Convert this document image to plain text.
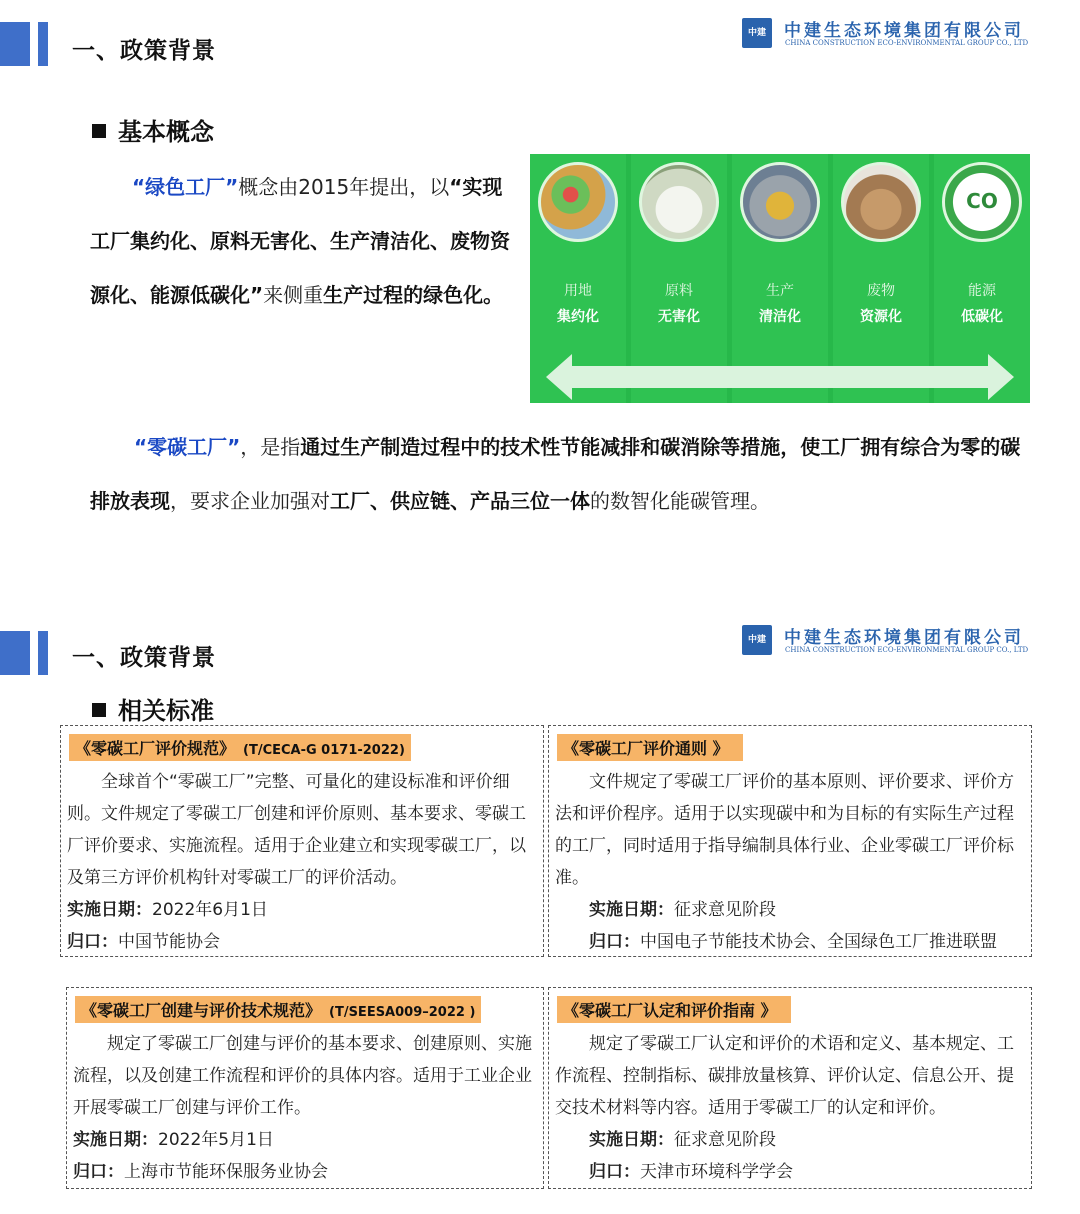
一、政策背景
中建	中建生态环境集团有限公司
CHINA CONSTRUCTION ECO-ENVIRONMENTAL GROUP CO., LTD
基本概念
“绿色工厂”概念由2015年提出，以“实现工厂集约化、原料无害化、生产清洁化、废物资源化、能源低碳化”来侧重生产过程的绿色化。	用地
集约化
原料
无害化
生产
清洁化
废物
资源化
CO
能源
低碳化
“零碳工厂”，是指通过生产制造过程中的技术性节能减排和碳消除等措施，使工厂拥有综合为零的碳排放表现，要求企业加强对工厂、供应链、产品三位一体的数智化能碳管理。
一、政策背景
中建	中建生态环境集团有限公司
CHINA CONSTRUCTION ECO-ENVIRONMENTAL GROUP CO., LTD
相关标准
《零碳工厂评价规范》 (T/CECA-G 0171-2022)
全球首个“零碳工厂”完整、可量化的建设标准和评价细则。文件规定了零碳工厂创建和评价原则、基本要求、零碳工厂评价要求、实施流程。适用于企业建立和实现零碳工厂，以及第三方评价机构针对零碳工厂的评价活动。
实施日期：2022年6月1日
归口：中国节能协会
《零碳工厂评价通则 》
文件规定了零碳工厂评价的基本原则、评价要求、评价方法和评价程序。适用于以实现碳中和为目标的有实际生产过程的工厂，同时适用于指导编制具体行业、企业零碳工厂评价标准。
实施日期：征求意见阶段
归口：中国电子节能技术协会、全国绿色工厂推进联盟
《零碳工厂创建与评价技术规范》 (T/SEESA009–2022 )
规定了零碳工厂创建与评价的基本要求、创建原则、实施流程，以及创建工作流程和评价的具体内容。适用于工业企业开展零碳工厂创建与评价工作。
实施日期：2022年5月1日
归口：上海市节能环保服务业协会
《零碳工厂认定和评价指南 》
规定了零碳工厂认定和评价的术语和定义、基本规定、工作流程、控制指标、碳排放量核算、评价认定、信息公开、提交技术材料等内容。适用于零碳工厂的认定和评价。
实施日期：征求意见阶段
归口：天津市环境科学学会
